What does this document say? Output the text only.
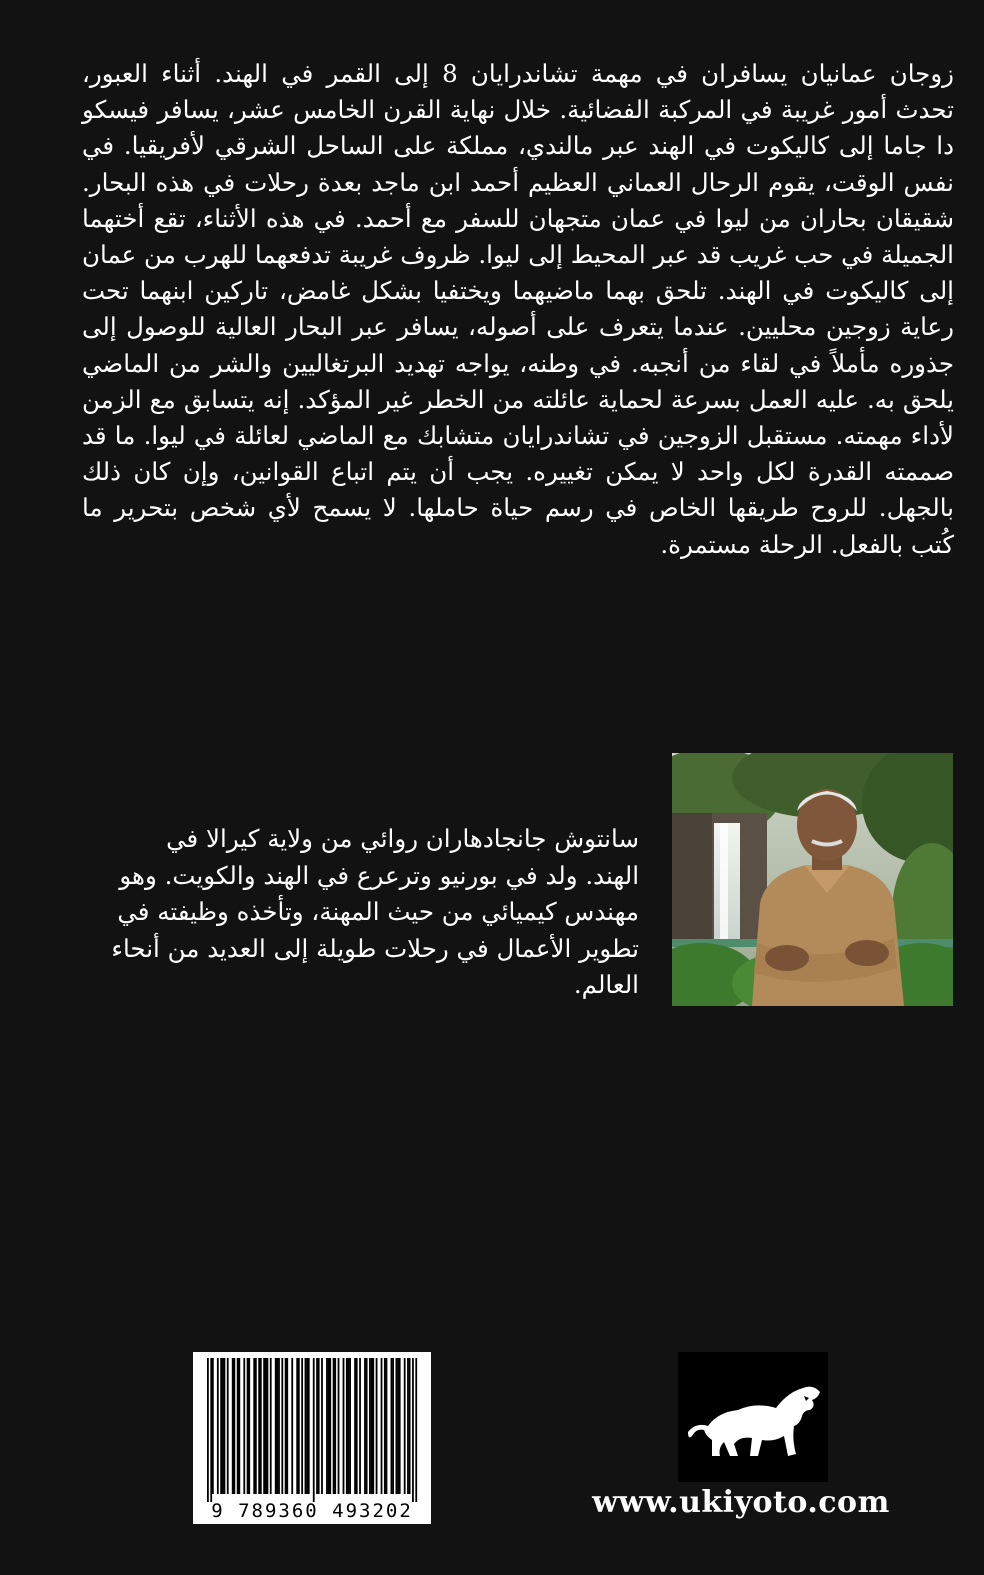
زوجان عمانيان يسافران في مهمة تشاندرايان 8 إلى القمر في الهند. أثناء العبور، تحدث أمور غريبة في المركبة الفضائية. خلال نهاية القرن الخامس عشر، يسافر فيسكو دا جاما إلى كاليكوت في الهند عبر مالندي، مملكة على الساحل الشرقي لأفريقيا. في نفس الوقت، يقوم الرحال العماني العظيم أحمد ابن ماجد بعدة رحلات في هذه البحار. شقيقان بحاران من ليوا في عمان متجهان للسفر مع أحمد. في هذه الأثناء، تقع أختهما الجميلة في حب غريب قد عبر المحيط إلى ليوا. ظروف غريبة تدفعهما للهرب من عمان إلى كاليكوت في الهند. تلحق بهما ماضيهما ويختفيا بشكل غامض، تاركين ابنهما تحت رعاية زوجين محليين. عندما يتعرف على أصوله، يسافر عبر البحار العالية للوصول إلى جذوره مأملاً في لقاء من أنجبه. في وطنه، يواجه تهديد البرتغاليين والشر من الماضي يلحق به. عليه العمل بسرعة لحماية عائلته من الخطر غير المؤكد. إنه يتسابق مع الزمن لأداء مهمته. مستقبل الزوجين في تشاندرايان متشابك مع الماضي لعائلة في ليوا. ما قد صممته القدرة لكل واحد لا يمكن تغييره. يجب أن يتم اتباع القوانين، وإن كان ذلك بالجهل. للروح طريقها الخاص في رسم حياة حاملها. لا يسمح لأي شخص بتحرير ما كُتب بالفعل. الرحلة مستمرة.

سانتوش جانجادهاران روائي من ولاية كيرالا في الهند. ولد في بورنيو وترعرع في الهند والكويت. وهو مهندس كيميائي من حيث المهنة، وتأخذه وظيفته في تطوير الأعمال في رحلات طويلة إلى العديد من أنحاء العالم.

9 789360 493202	www.ukiyoto.com
